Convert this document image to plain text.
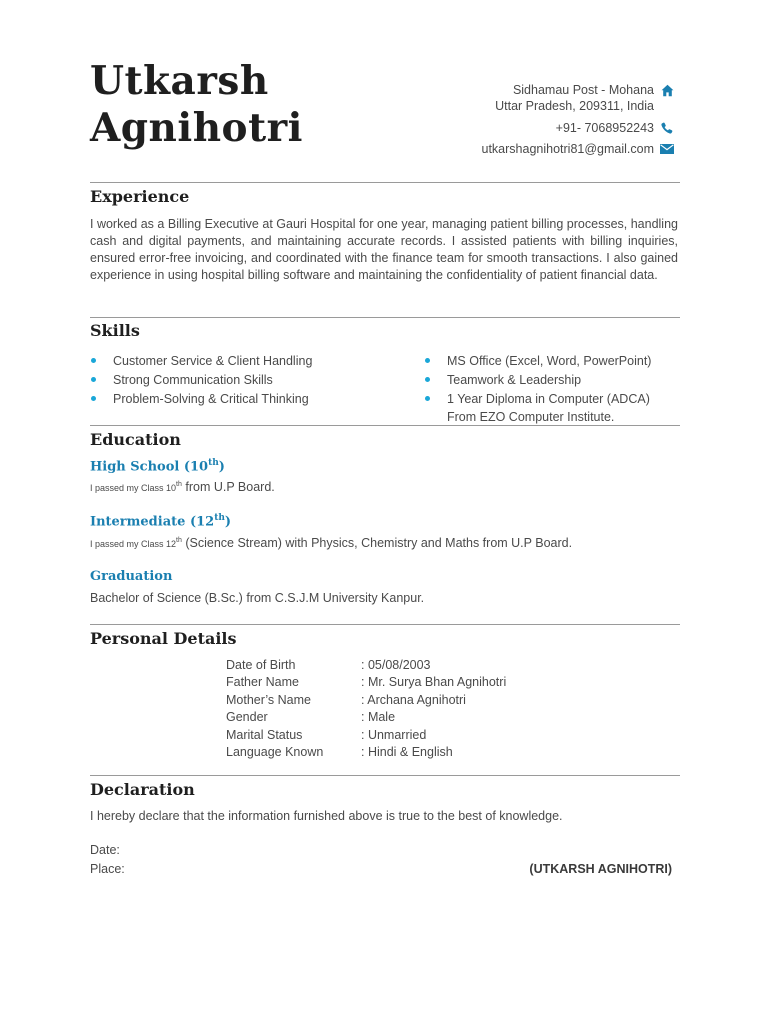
Utkarsh
Agnihotri
Sidhamau Post - Mohana
Uttar Pradesh, 209311, India
+91- 7068952243
utkarshagnihotri81@gmail.com
Experience
I worked as a Billing Executive at Gauri Hospital for one year, managing patient billing processes, handling cash and digital payments, and maintaining accurate records. I assisted patients with billing inquiries, ensured error-free invoicing, and coordinated with the finance team for smooth transactions. I also gained experience in using hospital billing software and maintaining the confidentiality of patient financial data.
Skills
Customer Service & Client Handling
Strong Communication Skills
Problem-Solving & Critical Thinking
MS Office (Excel, Word, PowerPoint)
Teamwork & Leadership
1 Year Diploma in Computer (ADCA)
From EZO Computer Institute.
Education
High School (10th)
I passed my Class 10th from U.P Board.
Intermediate (12th)
I passed my Class 12th (Science Stream) with Physics, Chemistry and Maths from U.P Board.
Graduation
Bachelor of Science (B.Sc.) from C.S.J.M University Kanpur.
Personal Details
Date of Birth	: 05/08/2003
Father Name	: Mr. Surya Bhan Agnihotri
Mother’s Name	: Archana Agnihotri
Gender	: Male
Marital Status	: Unmarried
Language Known	: Hindi & English
Declaration
I hereby declare that the information furnished above is true to the best of knowledge.
Date:
Place:	(UTKARSH AGNIHOTRI)
